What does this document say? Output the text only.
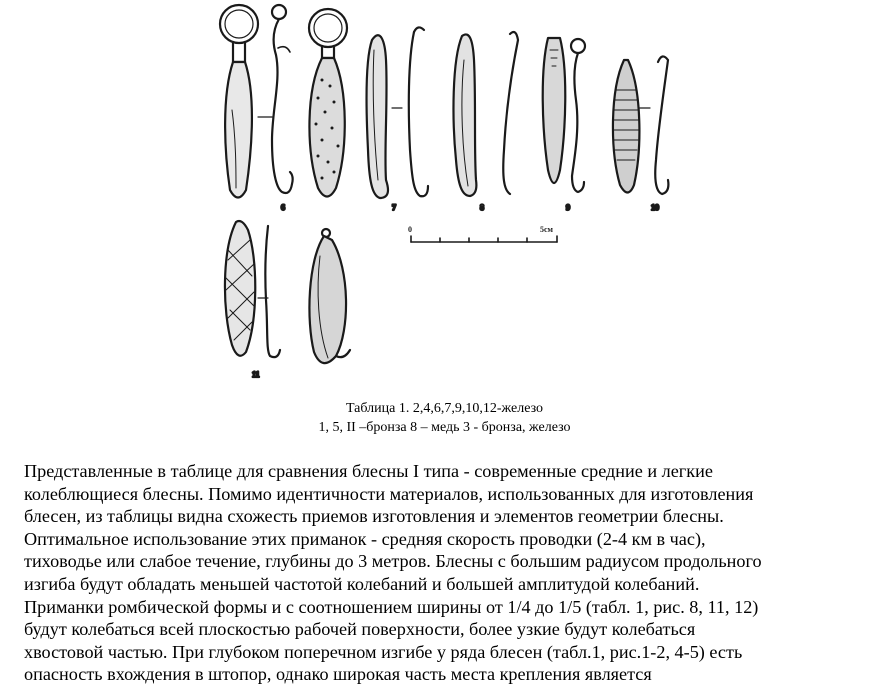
6	7	8	9	10
11
0	5см
Таблица 1. 2,4,6,7,9,10,12-железо
1, 5, II –бронза 8 – медь 3 - бронза, железо
Представленные в таблице для сравнения блесны I типа - современные средние и легкие
колеблющиеся блесны. Помимо идентичности материалов, использованных для изготовления
блесен, из таблицы видна схожесть приемов изготовления и элементов геометрии блесны.
Оптимальное использование этих приманок - средняя скорость проводки (2-4 км в час),
тиховодье или слабое течение, глубины до 3 метров. Блесны с большим радиусом продольного
изгиба будут обладать меньшей частотой колебаний и большей амплитудой колебаний.
Приманки ромбической формы и с соотношением ширины от 1/4 до 1/5 (табл. 1, рис. 8, 11, 12)
будут колебаться всей плоскостью рабочей поверхности, более узкие будут колебаться
хвостовой частью. При глубоком поперечном изгибе у ряда блесен (табл.1, рис.1-2, 4-5) есть
опасность вхождения в штопор, однако широкая часть места крепления является
